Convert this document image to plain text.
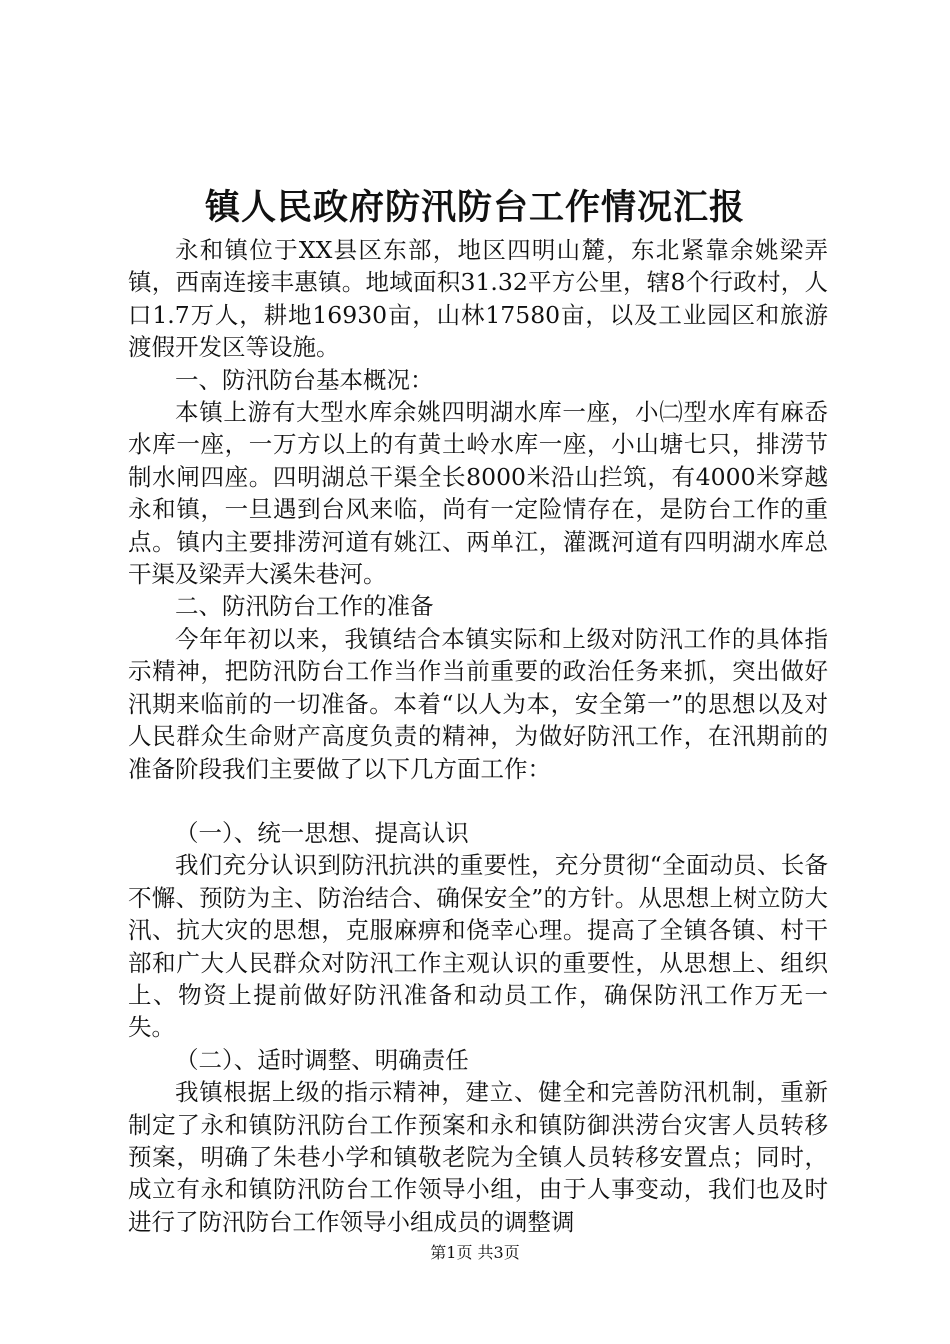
镇人民政府防汛防台工作情况汇报

永和镇位于XX县区东部，地区四明山麓，东北紧靠余姚梁弄镇，西南连接丰惠镇。地域面积31.32平方公里，辖8个行政村，人口1.7万人，耕地16930亩，山林17580亩，以及工业园区和旅游渡假开发区等设施。

一、防汛防台基本概况：

本镇上游有大型水库余姚四明湖水库一座，小㈡型水库有麻岙水库一座，一万方以上的有黄土岭水库一座，小山塘七只，排涝节制水闸四座。四明湖总干渠全长8000米沿山拦筑，有4000米穿越永和镇，一旦遇到台风来临，尚有一定险情存在，是防台工作的重点。镇内主要排涝河道有姚江、两单江，灌溉河道有四明湖水库总干渠及梁弄大溪朱巷河。

二、防汛防台工作的准备

今年年初以来，我镇结合本镇实际和上级对防汛工作的具体指示精神，把防汛防台工作当作当前重要的政治任务来抓，突出做好汛期来临前的一切准备。本着“以人为本，安全第一”的思想以及对人民群众生命财产高度负责的精神，为做好防汛工作，在汛期前的准备阶段我们主要做了以下几方面工作：

（一）、统一思想、提高认识

我们充分认识到防汛抗洪的重要性，充分贯彻“全面动员、长备不懈、预防为主、防治结合、确保安全”的方针。从思想上树立防大汛、抗大灾的思想，克服麻痹和侥幸心理。提高了全镇各镇、村干部和广大人民群众对防汛工作主观认识的重要性，从思想上、组织上、物资上提前做好防汛准备和动员工作，确保防汛工作万无一失。

（二）、适时调整、明确责任

我镇根据上级的指示精神，建立、健全和完善防汛机制，重新制定了永和镇防汛防台工作预案和永和镇防御洪涝台灾害人员转移预案，明确了朱巷小学和镇敬老院为全镇人员转移安置点；同时，成立有永和镇防汛防台工作领导小组，由于人事变动，我们也及时进行了防汛防台工作领导小组成员的调整调

第1页 共3页
